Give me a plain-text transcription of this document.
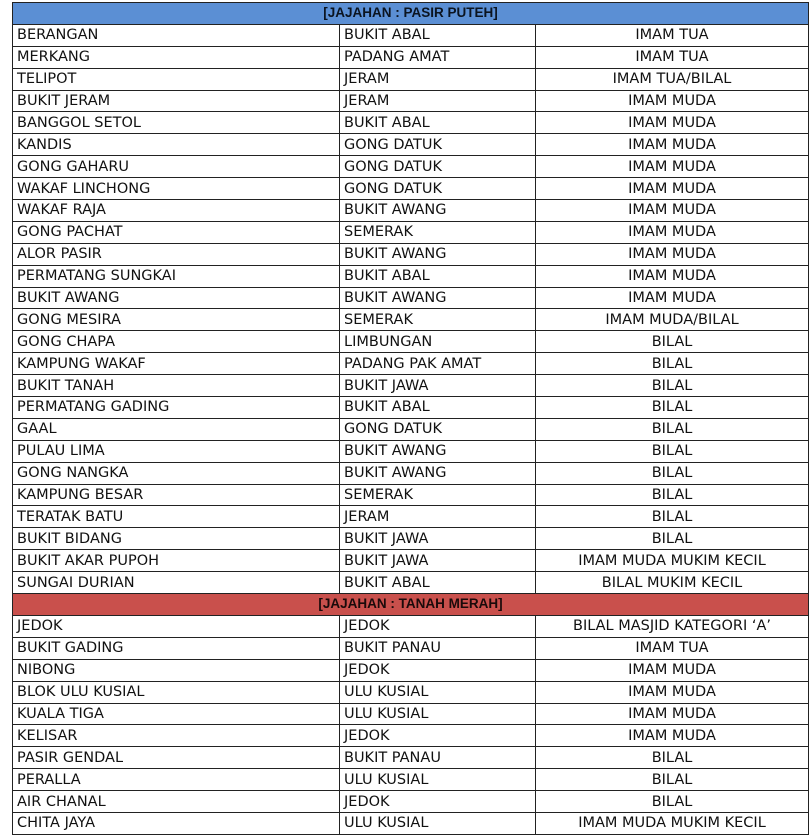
[JAJAHAN : PASIR PUTEH]		
BERANGAN	BUKIT ABAL	IMAM TUA
MERKANG	PADANG AMAT	IMAM TUA
TELIPOT	JERAM	IMAM TUA/BILAL
BUKIT JERAM	JERAM	IMAM MUDA
BANGGOL SETOL	BUKIT ABAL	IMAM MUDA
KANDIS	GONG DATUK	IMAM MUDA
GONG GAHARU	GONG DATUK	IMAM MUDA
WAKAF LINCHONG	GONG DATUK	IMAM MUDA
WAKAF RAJA	BUKIT AWANG	IMAM MUDA
GONG PACHAT	SEMERAK	IMAM MUDA
ALOR PASIR	BUKIT AWANG	IMAM MUDA
PERMATANG SUNGKAI	BUKIT ABAL	IMAM MUDA
BUKIT AWANG	BUKIT AWANG	IMAM MUDA
GONG MESIRA	SEMERAK	IMAM MUDA/BILAL
GONG CHAPA	LIMBUNGAN	BILAL
KAMPUNG WAKAF	PADANG PAK AMAT	BILAL
BUKIT TANAH	BUKIT JAWA	BILAL
PERMATANG GADING	BUKIT ABAL	BILAL
GAAL	GONG DATUK	BILAL
PULAU LIMA	BUKIT AWANG	BILAL
GONG NANGKA	BUKIT AWANG	BILAL
KAMPUNG BESAR	SEMERAK	BILAL
TERATAK BATU	JERAM	BILAL
BUKIT BIDANG	BUKIT JAWA	BILAL
BUKIT AKAR PUPOH	BUKIT JAWA	IMAM MUDA MUKIM KECIL
SUNGAI DURIAN	BUKIT ABAL	BILAL MUKIM KECIL
[JAJAHAN : TANAH MERAH]		
JEDOK	JEDOK	BILAL MASJID KATEGORI ‘A’
BUKIT GADING	BUKIT PANAU	IMAM TUA
NIBONG	JEDOK	IMAM MUDA
BLOK ULU KUSIAL	ULU KUSIAL	IMAM MUDA
KUALA TIGA	ULU KUSIAL	IMAM MUDA
KELISAR	JEDOK	IMAM MUDA
PASIR GENDAL	BUKIT PANAU	BILAL
PERALLA	ULU KUSIAL	BILAL
AIR CHANAL	JEDOK	BILAL
CHITA JAYA	ULU KUSIAL	IMAM MUDA MUKIM KECIL
